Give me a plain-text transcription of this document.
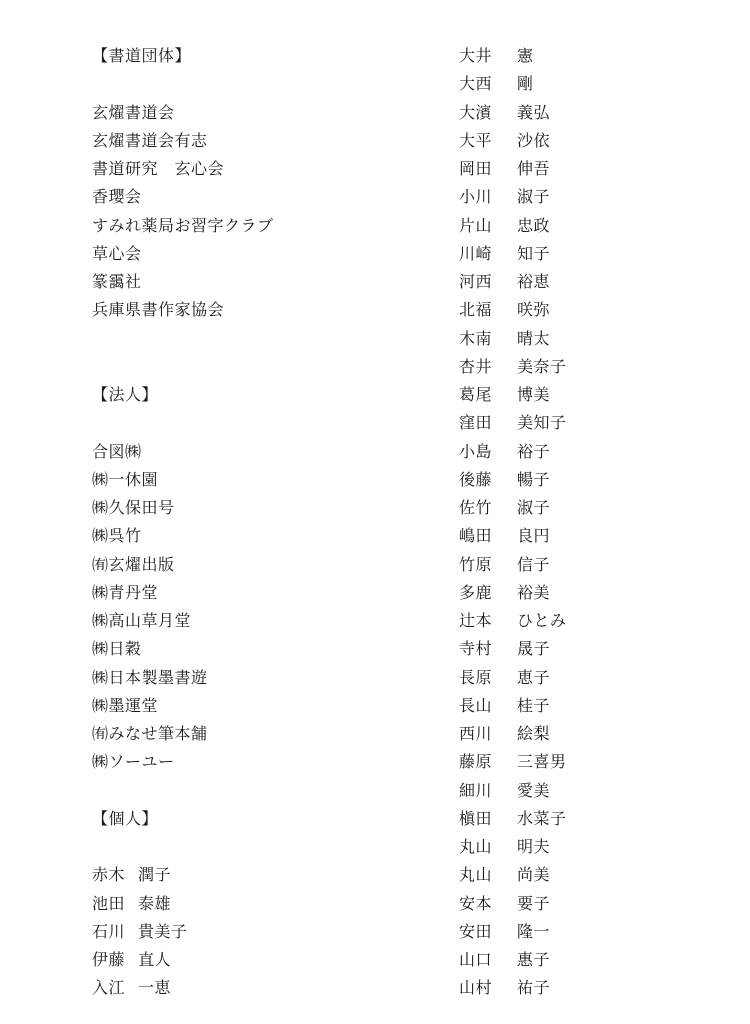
【書道団体】
玄燿書道会
玄燿書道会有志
書道研究　玄心会
香璎会
すみれ薬局お習字クラブ
草心会
篆靄社
兵庫県書作家協会
【法人】
合図㈱
㈱一休園
㈱久保田号
㈱呉竹
㈲玄燿出版
㈱青丹堂
㈱高山草月堂
㈱日穀
㈱日本製墨書遊
㈱墨運堂
㈲みなせ筆本舗
㈱ソーユー
【個人】
赤木 潤子
池田 泰雄
石川 貴美子
伊藤 直人
入江 一恵
大井 憲
大西 剛
大濱 義弘
大平 沙依
岡田 伸吾
小川 淑子
片山 忠政
川崎 知子
河西 裕恵
北福 咲弥
木南 晴太
杏井 美奈子
葛尾 博美
窪田 美知子
小島 裕子
後藤 暢子
佐竹 淑子
嶋田 良円
竹原 信子
多鹿 裕美
辻本 ひとみ
寺村 晟子
長原 恵子
長山 桂子
西川 絵梨
藤原 三喜男
細川 愛美
槇田 水菜子
丸山 明夫
丸山 尚美
安本 要子
安田 隆一
山口 惠子
山村 祐子
